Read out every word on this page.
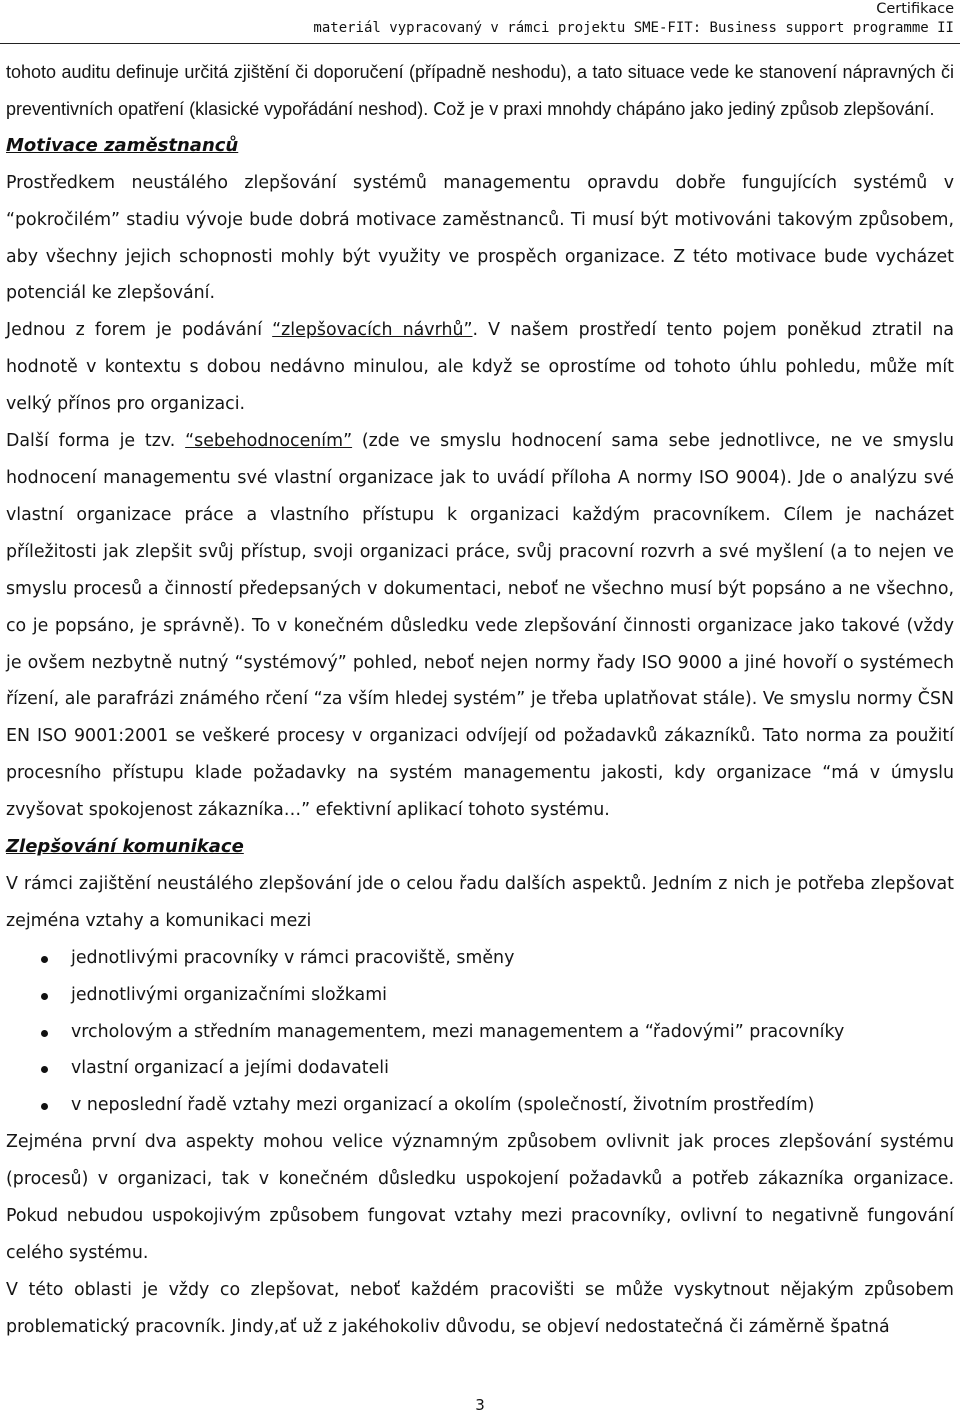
Certifikace
materiál vypracovaný v rámci projektu SME-FIT: Business support programme II

tohoto auditu definuje určitá zjištění či doporučení (případně neshodu), a tato situace vede ke stanovení nápravných či preventivních opatření (klasické vypořádání neshod). Což je v praxi mnohdy chápáno jako jediný způsob zlepšování.

Motivace zaměstnanců

Prostředkem neustálého zlepšování systémů managementu opravdu dobře fungujících systémů v “pokročilém” stadiu vývoje bude dobrá motivace zaměstnanců. Ti musí být motivováni takovým způsobem, aby všechny jejich schopnosti mohly být využity ve prospěch organizace. Z této motivace bude vycházet potenciál ke zlepšování.

Jednou z forem je podávání “zlepšovacích návrhů”. V našem prostředí tento pojem poněkud ztratil na hodnotě v kontextu s dobou nedávno minulou, ale když se oprostíme od tohoto úhlu pohledu, může mít velký přínos pro organizaci.

Další forma je tzv. “sebehodnocením” (zde ve smyslu hodnocení sama sebe jednotlivce, ne ve smyslu hodnocení managementu své vlastní organizace jak to uvádí příloha A normy ISO 9004). Jde o analýzu své vlastní organizace práce a vlastního přístupu k organizaci každým pracovníkem. Cílem je nacházet příležitosti jak zlepšit svůj přístup, svoji organizaci práce, svůj pracovní rozvrh a své myšlení (a to nejen ve smyslu procesů a činností předepsaných v dokumentaci, neboť ne všechno musí být popsáno a ne všechno, co je popsáno, je správně). To v konečném důsledku vede zlepšování činnosti organizace jako takové (vždy je ovšem nezbytně nutný “systémový” pohled, neboť nejen normy řady ISO 9000 a jiné hovoří o systémech řízení, ale parafrázi známého rčení “za vším hledej systém” je třeba uplatňovat stále). Ve smyslu normy ČSN EN ISO 9001:2001 se veškeré procesy v organizaci odvíjejí od požadavků zákazníků. Tato norma za použití procesního přístupu klade požadavky na systém managementu jakosti, kdy organizace “má v úmyslu zvyšovat spokojenost zákazníka…” efektivní aplikací tohoto systému.

Zlepšování komunikace

V rámci zajištění neustálého zlepšování jde o celou řadu dalších aspektů. Jedním z nich je potřeba zlepšovat zejména vztahy a komunikaci mezi

jednotlivými pracovníky v rámci pracoviště, směny
jednotlivými organizačními složkami
vrcholovým a středním managementem, mezi managementem a “řadovými” pracovníky
vlastní organizací a jejími dodavateli
v neposlední řadě vztahy mezi organizací a okolím (společností, životním prostředím)

Zejména první dva aspekty mohou velice významným způsobem ovlivnit jak proces zlepšování systému (procesů) v organizaci, tak v konečném důsledku uspokojení požadavků a potřeb zákazníka organizace. Pokud nebudou uspokojivým způsobem fungovat vztahy mezi pracovníky, ovlivní to negativně fungování celého systému.

V této oblasti je vždy co zlepšovat, neboť každém pracovišti se může vyskytnout nějakým způsobem problematický pracovník. Jindy,ať už z jakéhokoliv důvodu, se objeví nedostatečná či záměrně špatná

3
